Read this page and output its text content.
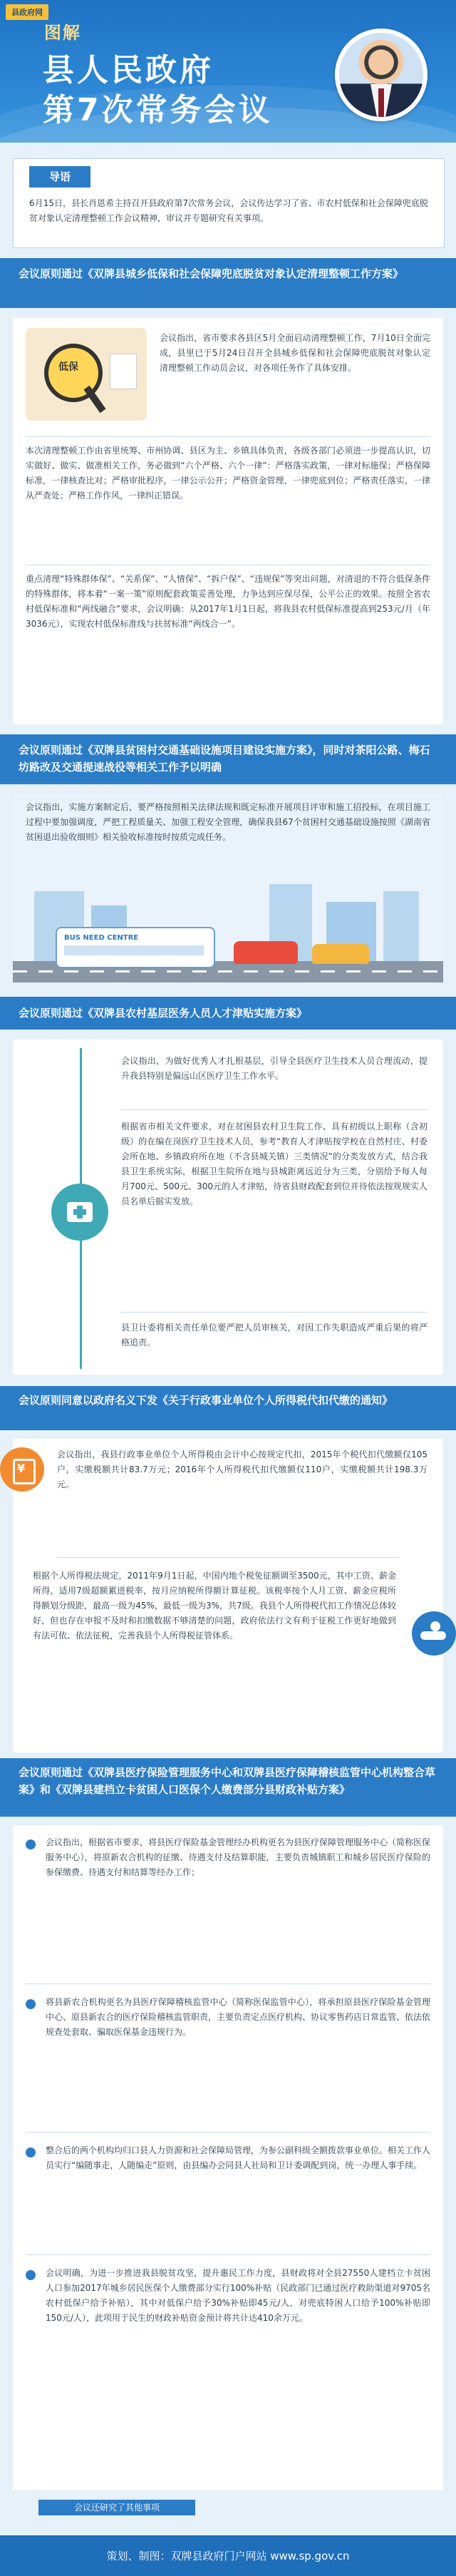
县政府网
图解
县人民政府
第7次常务会议
导语
6月15日，县长肖恩希主持召开县政府第7次常务会议，会议传达学习了省、市农村低保和社会保障兜底脱贫对象认定清理整顿工作会议精神，审议并专题研究有关事项。
会议原则通过《双牌县城乡低保和社会保障兜底脱贫对象认定清理整顿工作方案》
低保
会议指出，省市要求各县区5月全面启动清理整顿工作，7月10日全面完成，县里已于5月24日召开全县城乡低保和社会保障兜底脱贫对象认定清理整顿工作动员会议，对各项任务作了具体安排。
本次清理整顿工作由省里统筹、市州协调、县区为主、乡镇具体负责，各级各部门必须进一步提高认识，切实做好、做实、做准相关工作，务必做到“六个严格、六个一律”：严格落实政策，一律对标施保；严格保障标准，一律核查比对；严格审批程序，一律公示公开；严格资金管理，一律兜底到位；严格责任落实，一律从严查处；严格工作作风，一律纠正错误。
重点清理“特殊群体保”、“关系保”、“人情保”、“拆户保”、“违规保”等突出问题，对清退的不符合低保条件的特殊群体，将本着“一案一策”原则配套政策妥善处理，力争达到应保尽保，公平公正的效果。按照全省农村低保标准和“两线融合”要求，会议明确：从2017年1月1日起，将我县农村低保标准提高到253元/月（年3036元），实现农村低保标准线与扶贫标准“两线合一”。
会议原则通过《双牌县贫困村交通基础设施项目建设实施方案》，同时对茶阳公路、梅石坊路改及交通提速战役等相关工作予以明确
会议指出，实施方案制定后，要严格按照相关法律法规和既定标准开展项目评审和施工招投标，在项目施工过程中要加强调度，严把工程质量关、加强工程安全管理，确保我县67个贫困村交通基础设施按照《湖南省贫困退出验收细则》相关验收标准按时按质完成任务。
BUS NEED CENTRE
会议原则通过《双牌县农村基层医务人员人才津贴实施方案》
会议指出，为做好优秀人才扎根基层，引导全县医疗卫生技术人员合理流动，提升我县特别是偏远山区医疗卫生工作水平。
根据省市相关文件要求，对在贫困县农村卫生院工作、具有初级以上职称（含初级）的在编在岗医疗卫生技术人员，参考“教育人才津贴按学校在自然村庄、村委会所在地、乡镇政府所在地（不含县城关镇）三类情况”的分类发放方式，结合我县卫生系统实际，根据卫生院所在地与县城距离远近分为三类，分别给予每人每月700元、500元、300元的人才津贴，待省县财政配套到位并待依法按规规实人员名单后据实发放。
县卫计委将相关责任单位要严把人员审核关，对因工作失职造成严重后果的将严格追责。
会议原则同意以政府名义下发《关于行政事业单位个人所得税代扣代缴的通知》
¥
会议指出，我县行政事业单位个人所得税由会计中心按规定代扣，2015年个税代扣代缴额仅105户，实缴税额共计83.7万元；2016年个人所得税代扣代缴额仅110户，实缴税额共计198.3万元。
根据个人所得税法规定，2011年9月1日起，中国内地个税免征额调至3500元，其中工资、薪金所得，适用7级超额累进税率，按月应纳税所得额计算征税。该税率按个人月工资、薪金应税所得额划分级距，最高一级为45%，最低一级为3%，共7级。我县个人所得税代扣工作情况总体较好，但也存在申报不及时和扣缴数据不够清楚的问题，政府依法行文有利于征税工作更好地做到有法可依、依法征税，完善我县个人所得税征管体系。
会议原则通过《双牌县医疗保险管理服务中心和双牌县医疗保障稽核监管中心机构整合草案》和《双牌县建档立卡贫困人口医保个人缴费部分县财政补贴方案》
会议指出，根据省市要求，将县医疗保险基金管理经办机构更名为县医疗保障管理服务中心（简称医保服务中心），将原新农合机构的征缴、待遇支付及结算职能，主要负责城镇职工和城乡居民医疗保险的参保缴费、待遇支付和结算等经办工作；
将县新农合机构更名为县医疗保障稽核监管中心（简称医保监管中心），将承担原县医疗保险基金管理中心、原县新农合的医疗保险稽核监管职责，主要负责定点医疗机构、协议零售药店日常监管、依法依规查处套取、骗取医保基金违规行为。
整合后的两个机构均归口县人力资源和社会保障局管理，为参公副科级全额拨款事业单位。相关工作人员实行“编随事走，人随编走”原则，由县编办会同县人社局和卫计委调配到岗，统一办理人事手续。
会议明确，为进一步推进我县脱贫攻坚，提升惠民工作力度，县财政将对全县27550人建档立卡贫困人口参加2017年城乡居民医保个人缴费部分实行100%补贴（民政部门已通过医疗救助渠道对9705名农村低保户给予补贴），其中对低保户给予30%补贴即45元/人，对兜底特困人口给予100%补贴即150元/人），此项用于民生的财政补贴资金预计将共计达410余万元。
会议还研究了其他事项
策划、制图：双牌县政府门户网站 www.sp.gov.cn
